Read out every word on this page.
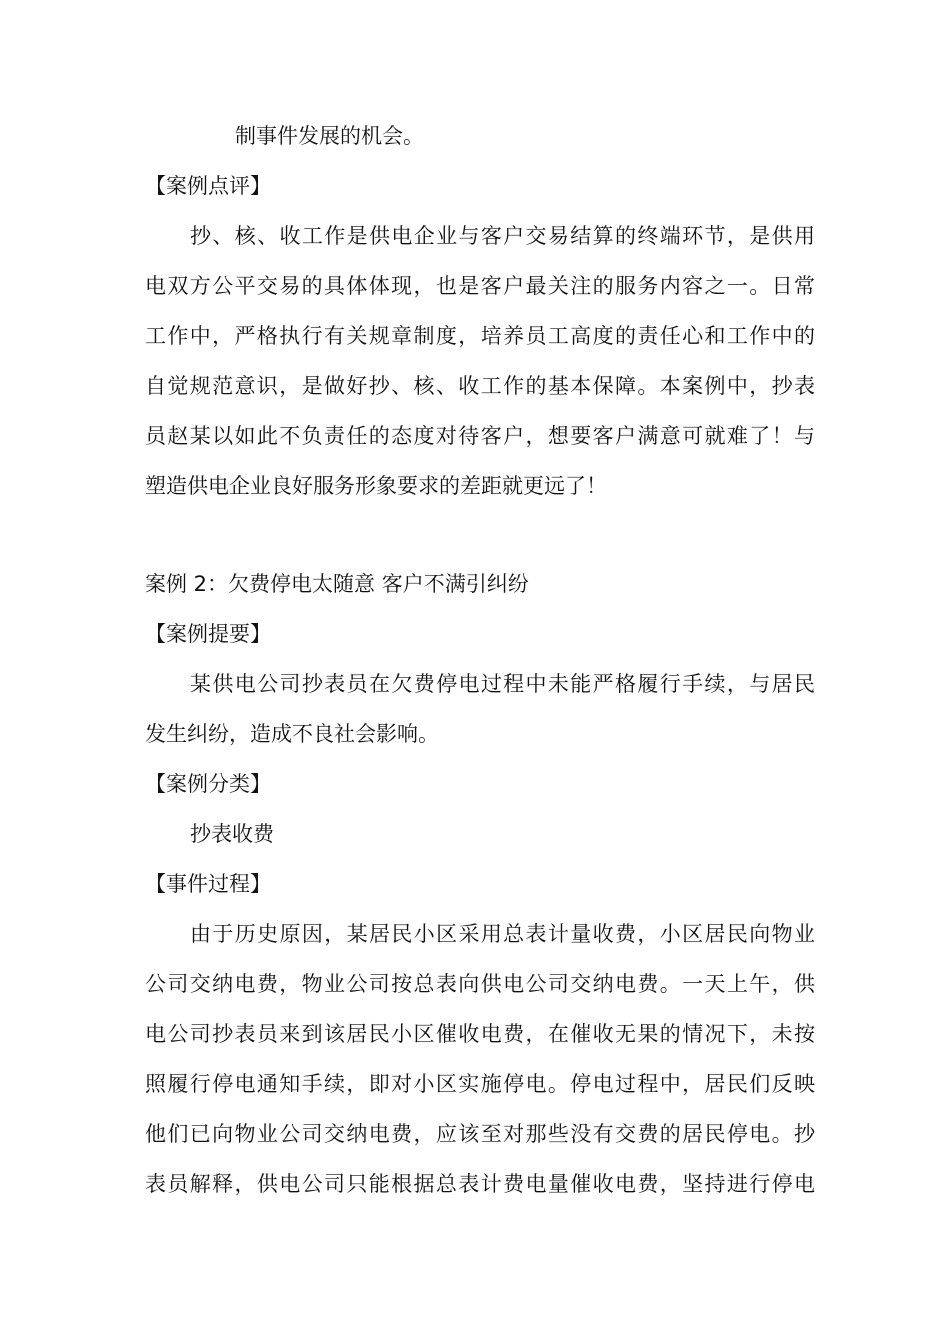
制事件发展的机会。
【案例点评】
抄、核、收工作是供电企业与客户交易结算的终端环节，是供用
电双方公平交易的具体体现，也是客户最关注的服务内容之一。日常
工作中，严格执行有关规章制度，培养员工高度的责任心和工作中的
自觉规范意识，是做好抄、核、收工作的基本保障。本案例中，抄表
员赵某以如此不负责任的态度对待客户，想要客户满意可就难了！与
塑造供电企业良好服务形象要求的差距就更远了！
案例 2：欠费停电太随意 客户不满引纠纷
【案例提要】
某供电公司抄表员在欠费停电过程中未能严格履行手续，与居民
发生纠纷，造成不良社会影响。
【案例分类】
抄表收费
【事件过程】
由于历史原因，某居民小区采用总表计量收费，小区居民向物业
公司交纳电费，物业公司按总表向供电公司交纳电费。一天上午，供
电公司抄表员来到该居民小区催收电费，在催收无果的情况下，未按
照履行停电通知手续，即对小区实施停电。停电过程中，居民们反映
他们已向物业公司交纳电费，应该至对那些没有交费的居民停电。抄
表员解释，供电公司只能根据总表计费电量催收电费，坚持进行停电
